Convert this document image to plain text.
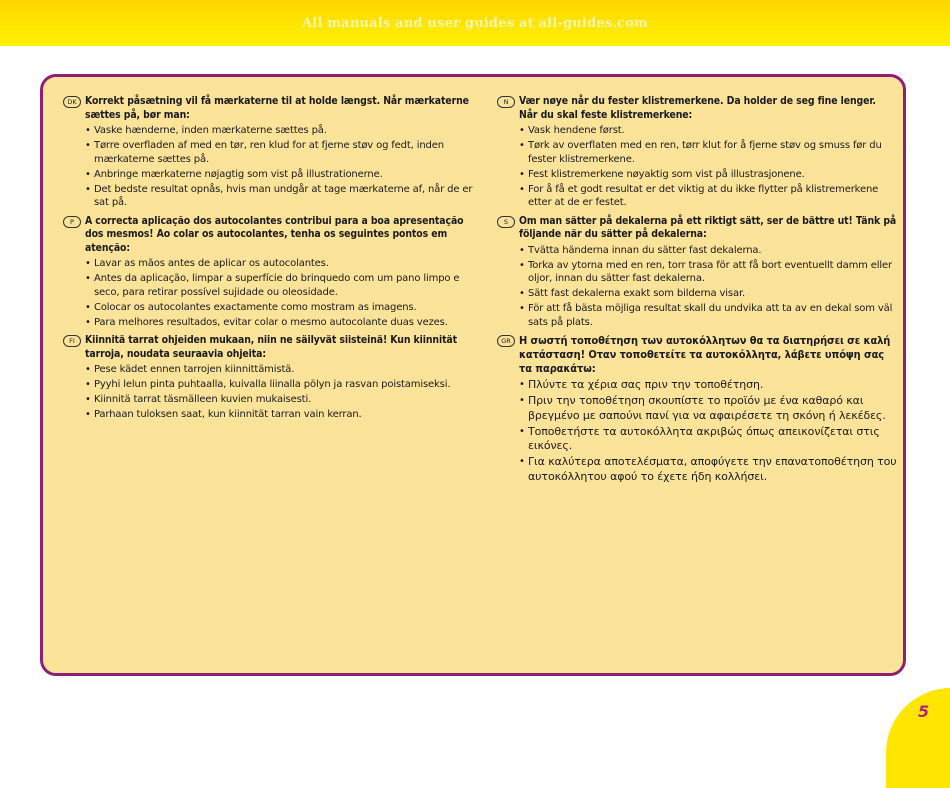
All manuals and user guides at all-guides.com
DK Korrekt påsætning vil få mærkaterne til at holde længst. Når mærkaterne sættes på, bør man:

• Vaske hænderne, inden mærkaterne sættes på.
• Tørre overfladen af med en tør, ren klud for at fjerne støv og fedt, inden mærkaterne sættes på.
• Anbringe mærkaterne nøjagtig som vist på illustrationerne.
• Det bedste resultat opnås, hvis man undgår at tage mærkaterne af, når de er sat på.
P	A correcta aplicação dos autocolantes contribui para a boa apresentação dos mesmos! Ao colar os autocolantes, tenha os seguintes pontos em atenção:

• Lavar as mãos antes de aplicar os autocolantes.
• Antes da aplicação, limpar a superfície do brinquedo com um pano limpo e seco, para retirar possível sujidade ou oleosidade.
• Colocar os autocolantes exactamente como mostram as imagens.
• Para melhores resultados, evitar colar o mesmo autocolante duas vezes.
FI Kiinnitä tarrat ohjeiden mukaan, niin ne säilyvät siisteinä! Kun kiinnität tarroja, noudata seuraavia ohjeita:

• Pese kädet ennen tarrojen kiinnittämistä.
• Pyyhi lelun pinta puhtaalla, kuivalla liinalla pölyn ja rasvan poistamiseksi.
• Kiinnitä tarrat täsmälleen kuvien mukaisesti.
• Parhaan tuloksen saat, kun kiinnität tarran vain kerran.
N	Vær nøye når du fester klistremerkene. Da holder de seg fine lenger. Når du skal feste klistremerkene:

• Vask hendene først.
• Tørk av overflaten med en ren, tørr klut for å fjerne støv og smuss før du fester klistremerkene.
• Fest klistremerkene nøyaktig som vist på illustrasjonene.
• For å få et godt resultat er det viktig at du ikke flytter på klistremerkene etter at de er festet.
S	Om man sätter på dekalerna på ett riktigt sätt, ser de bättre ut! Tänk på följande när du sätter på dekalerna:

• Tvätta händerna innan du sätter fast dekalerna.
• Torka av ytorna med en ren, torr trasa för att få bort eventuellt damm eller oljor, innan du sätter fast dekalerna.
• Sätt fast dekalerna exakt som bilderna visar.
• För att få bästa möjliga resultat skall du undvika att ta av en dekal som väl sats på plats.
GR Η σωστή τοποθέτηση των αυτοκόλλητων θα τα διατηρήσει σε καλή κατάσταση! Οταν τοποθετείτε τα αυτοκόλλητα, λάβετε υπόψη σας τα παρακάτω:

• Πλύντε τα χέρια σας πριν την τοποθέτηση.
• Πριν την τοποθέτηση σκουπίστε το προϊόν με ένα καθαρό και βρεγμένο με σαπούνι πανί για να αφαιρέσετε τη σκόνη ή λεκέδες.
• Τοποθετήστε τα αυτοκόλλητα ακριβώς όπως απεικονίζεται στις εικόνες.
• Για καλύτερα αποτελέσματα, αποφύγετε την επανατοποθέτηση του αυτοκόλλητου αφού το έχετε ήδη κολλήσει.
5
